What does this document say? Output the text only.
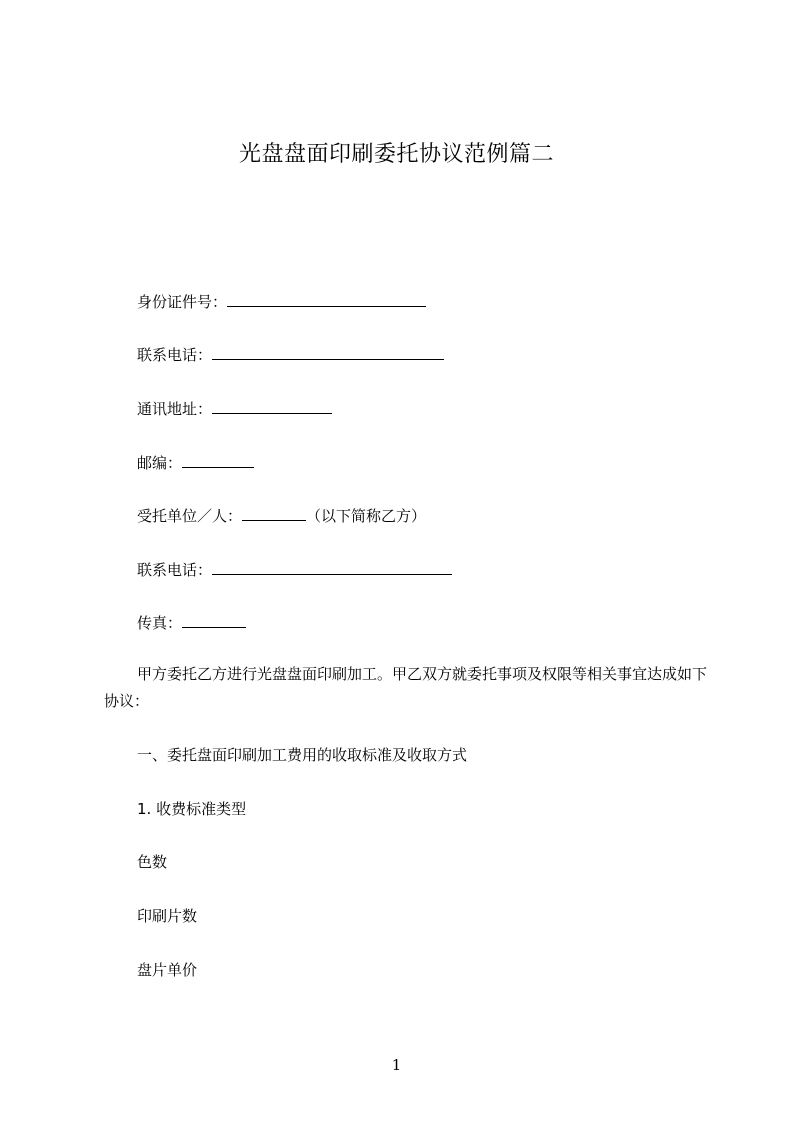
光盘盘面印刷委托协议范例篇二
身份证件号：
联系电话：
通讯地址：
邮编：
受托单位／人：	（以下简称乙方）
联系电话：
传真：
甲方委托乙方进行光盘盘面印刷加工。甲乙双方就委托事项及权限等相关事宜达成如下协议：
一、委托盘面印刷加工费用的收取标准及收取方式
1. 收费标准类型
色数
印刷片数
盘片单价
1
